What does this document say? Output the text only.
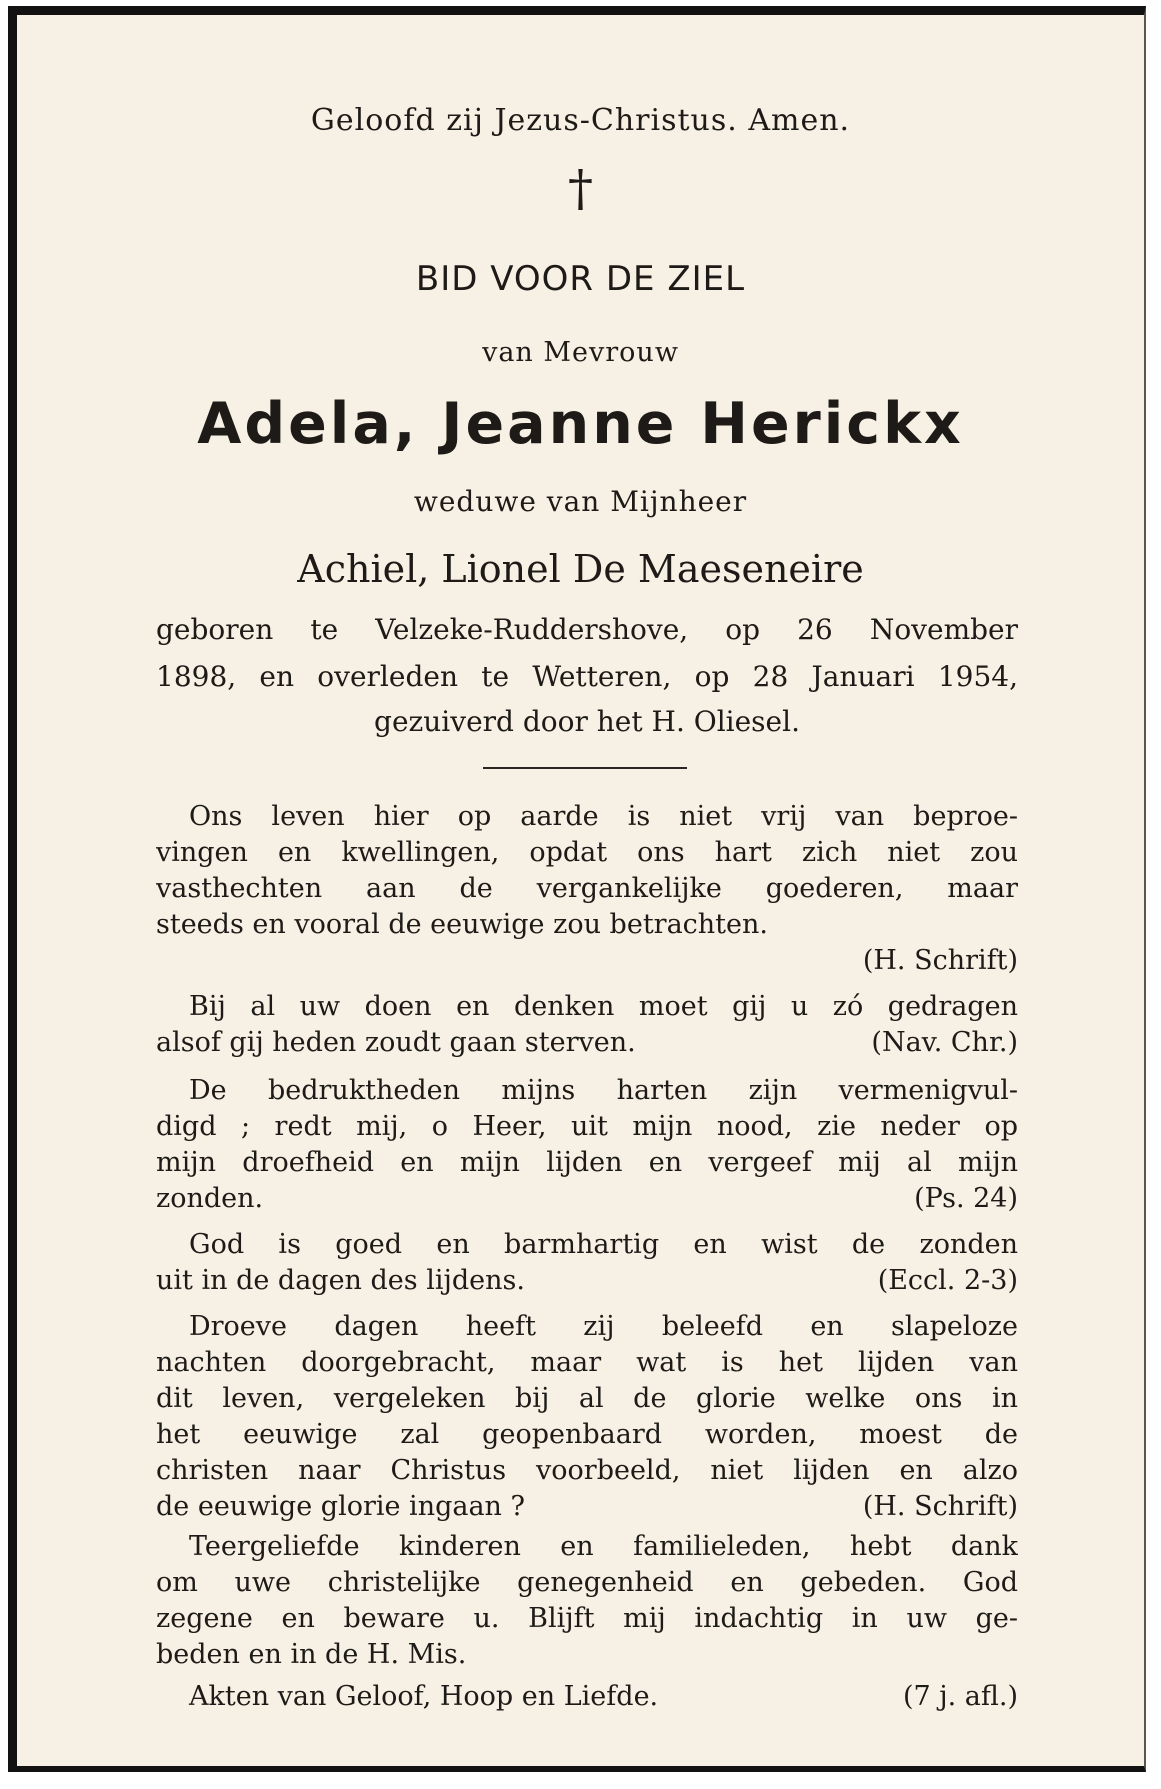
Geloofd zij Jezus-Christus. Amen.
†
BID VOOR DE ZIEL
van Mevrouw
Adela, Jeanne Herickx
weduwe van Mijnheer
Achiel, Lionel De Maeseneire
geboren te Velzeke-Ruddershove, op 26 November
1898, en overleden te Wetteren, op 28 Januari 1954,
gezuiverd door het H. Oliesel.
Ons leven hier op aarde is niet vrij van beproe-
vingen en kwellingen, opdat ons hart zich niet zou
vasthechten aan de vergankelijke goederen, maar
steeds en vooral de eeuwige zou betrachten.
(H. Schrift)
Bij al uw doen en denken moet gij u zó gedragen
alsof gij heden zoudt gaan sterven.	(Nav. Chr.)
De bedruktheden mijns harten zijn vermenigvul-
digd ; redt mij, o Heer, uit mijn nood, zie neder op
mijn droefheid en mijn lijden en vergeef mij al mijn
zonden.	(Ps. 24)
God is goed en barmhartig en wist de zonden
uit in de dagen des lijdens.	(Eccl. 2-3)
Droeve dagen heeft zij beleefd en slapeloze
nachten doorgebracht, maar wat is het lijden van
dit leven, vergeleken bij al de glorie welke ons in
het eeuwige zal geopenbaard worden, moest de
christen naar Christus voorbeeld, niet lijden en alzo
de eeuwige glorie ingaan ?	(H. Schrift)
Teergeliefde kinderen en familieleden, hebt dank
om uwe christelijke genegenheid en gebeden. God
zegene en beware u. Blijft mij indachtig in uw ge-
beden en in de H. Mis.
Akten van Geloof, Hoop en Liefde.	(7 j. afl.)
